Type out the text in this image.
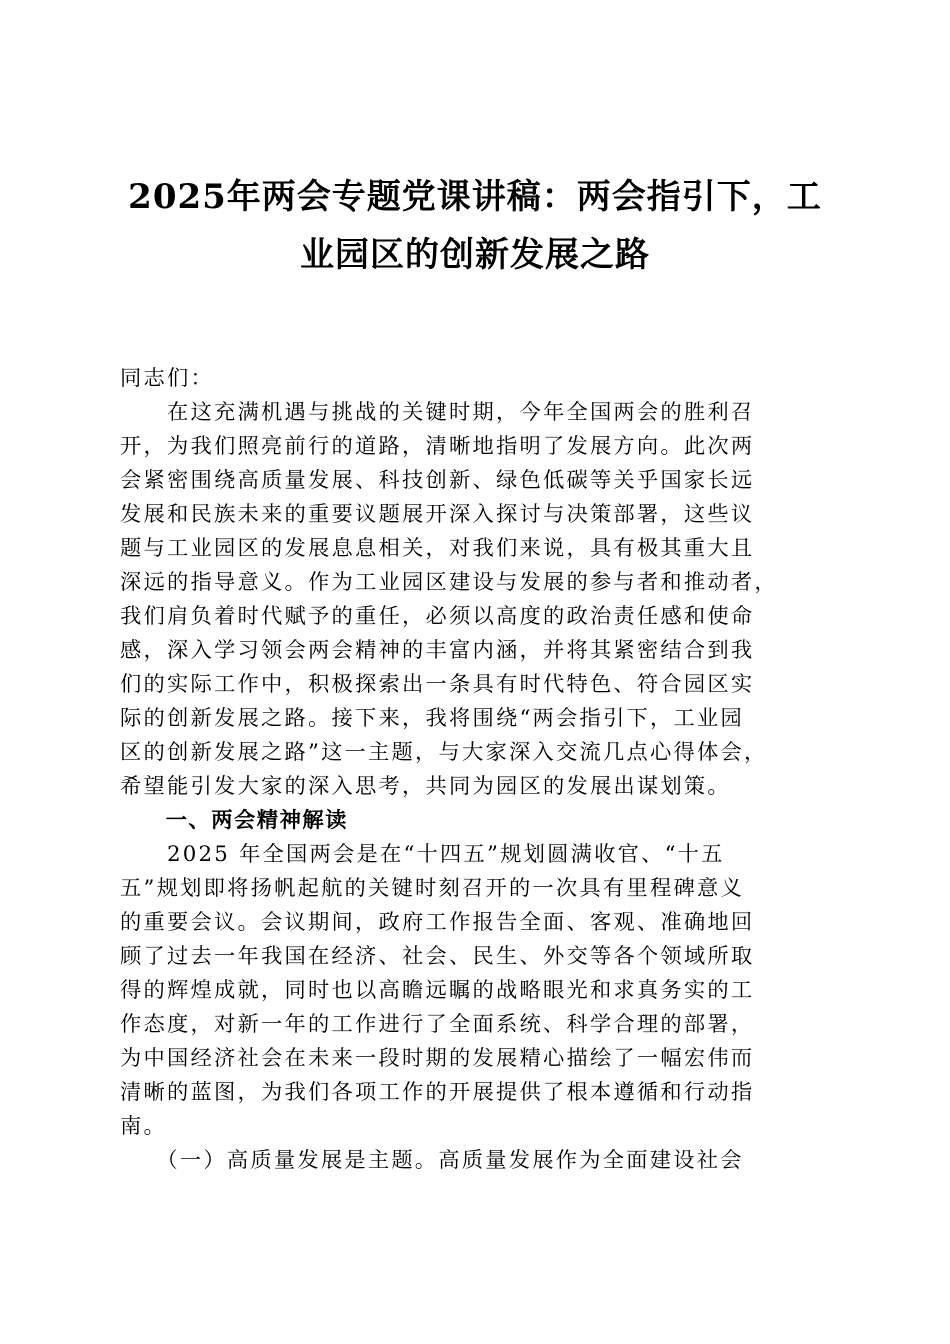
2025年两会专题党课讲稿：两会指引下，工
业园区的创新发展之路
同志们：
　　在这充满机遇与挑战的关键时期，今年全国两会的胜利召
开，为我们照亮前行的道路，清晰地指明了发展方向。此次两
会紧密围绕高质量发展、科技创新、绿色低碳等关乎国家长远
发展和民族未来的重要议题展开深入探讨与决策部署，这些议
题与工业园区的发展息息相关，对我们来说，具有极其重大且
深远的指导意义。作为工业园区建设与发展的参与者和推动者，
我们肩负着时代赋予的重任，必须以高度的政治责任感和使命
感，深入学习领会两会精神的丰富内涵，并将其紧密结合到我
们的实际工作中，积极探索出一条具有时代特色、符合园区实
际的创新发展之路。接下来，我将围绕“两会指引下，工业园
区的创新发展之路”这一主题，与大家深入交流几点心得体会，
希望能引发大家的深入思考，共同为园区的发展出谋划策。
　　一、两会精神解读
　　2025 年全国两会是在“十四五”规划圆满收官、“十五
五”规划即将扬帆起航的关键时刻召开的一次具有里程碑意义
的重要会议。会议期间，政府工作报告全面、客观、准确地回
顾了过去一年我国在经济、社会、民生、外交等各个领域所取
得的辉煌成就，同时也以高瞻远瞩的战略眼光和求真务实的工
作态度，对新一年的工作进行了全面系统、科学合理的部署，
为中国经济社会在未来一段时期的发展精心描绘了一幅宏伟而
清晰的蓝图，为我们各项工作的开展提供了根本遵循和行动指
南。
　　（一）高质量发展是主题。高质量发展作为全面建设社会
